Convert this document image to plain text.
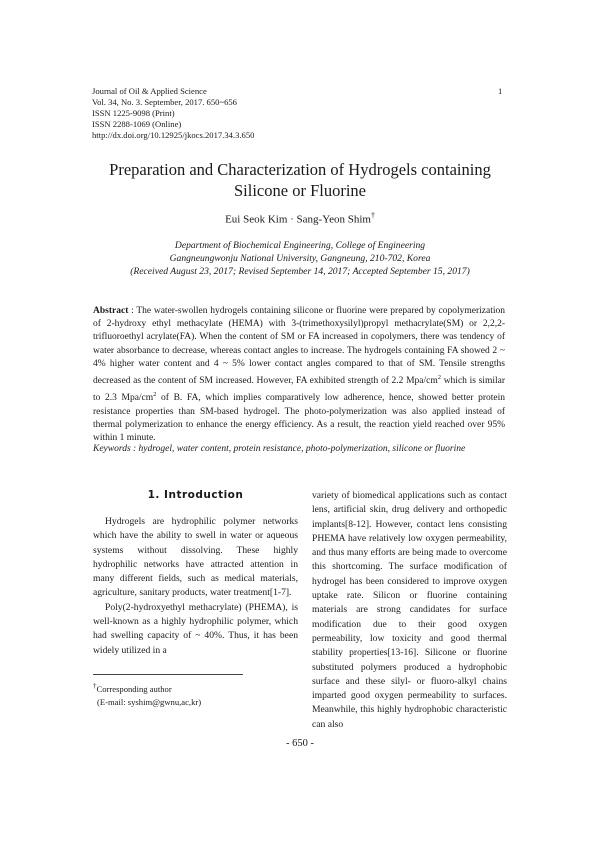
Journal of Oil & Applied Science
Vol. 34, No. 3. September, 2017. 650~656
ISSN 1225-9098 (Print)
ISSN 2288-1069 (Online)
http://dx.doi.org/10.12925/jkocs.2017.34.3.650
1
Preparation and Characterization of Hydrogels containing
Silicone or Fluorine
Eui Seok Kim · Sang-Yeon Shim†
Department of Biochemical Engineering, College of Engineering
Gangneungwonju National University, Gangneung, 210-702, Korea
(Received August 23, 2017; Revised September 14, 2017; Accepted September 15, 2017)
Abstract : The water-swollen hydrogels containing silicone or fluorine were prepared by copolymerization of 2-hydroxy ethyl methacylate (HEMA) with 3-(trimethoxysilyl)propyl methacrylate(SM) or 2,2,2-trifluoroethyl acrylate(FA). When the content of SM or FA increased in copolymers, there was tendency of water absorbance to decrease, whereas contact angles to increase. The hydrogels containing FA showed 2 ~ 4% higher water content and 4 ~ 5% lower contact angles compared to that of SM. Tensile strengths decreased as the content of SM increased. However, FA exhibited strength of 2.2 Mpa/$cm^2$ which is similar to 2.3 Mpa/$cm^2$ of B. FA, which implies comparatively low adherence, hence, showed better protein resistance properties than SM-based hydrogel. The photo-polymerization was also applied instead of thermal polymerization to enhance the energy efficiency. As a result, the reaction yield reached over 95% within 1 minute.
Keywords : hydrogel, water content, protein resistance, photo-polymerization, silicone or fluorine
1. Introduction

Hydrogels are hydrophilic polymer networks which have the ability to swell in water or aqueous systems without dissolving. These highly hydrophilic networks have attracted attention in many different fields, such as medical materials, agriculture, sanitary products, water treatment[1-7].

Poly(2-hydroxyethyl methacrylate) (PHEMA), is well-known as a highly hydrophilic polymer, which had swelling capacity of ~ 40%. Thus, it has been widely utilized in a

variety of biomedical applications such as contact lens, artificial skin, drug delivery and orthopedic implants[8-12]. However, contact lens consisting PHEMA have relatively low oxygen permeability, and thus many efforts are being made to overcome this shortcoming. The surface modification of hydrogel has been considered to improve oxygen uptake rate. Silicon or fluorine containing materials are strong candidates for surface modification due to their good oxygen permeability, low toxicity and good thermal stability properties[13-16]. Silicone or fluorine substituted polymers produced a hydrophobic surface and these silyl- or fluoro-alkyl chains imparted good oxygen permeability to surfaces. Meanwhile, this highly hydrophobic characteristic can also

†Corresponding author
(E-mail: syshim@gwnu,ac,kr)
- 650 -
